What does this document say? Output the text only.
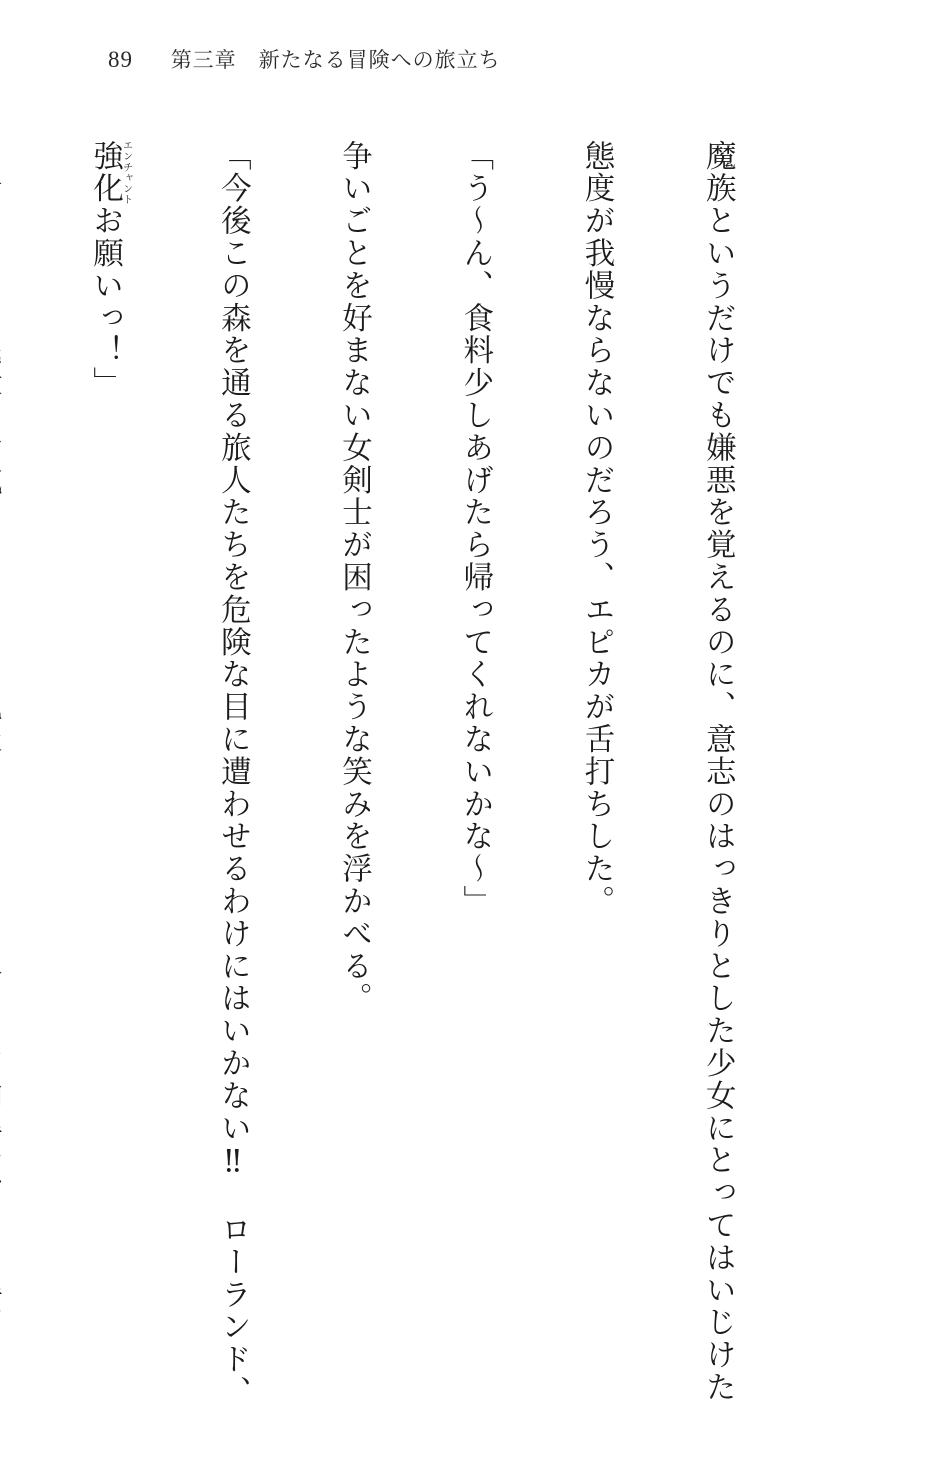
89 第三章　新たなる冒険への旅立ち

魔族というだけでも嫌悪を覚えるのに、意志のはっきりとした少女にとってはいじけた

態度が我慢ならないのだろう、エピカが舌打ちした。

「う〜ん、食料少しあげたら帰ってくれないかな〜」

争いごとを好まない女剣士が困ったような笑みを浮かべる。

「今後この森を通る旅人たちを危険な目に遭わせるわけにはいかない‼　ローランド、

強化エンチャントお願いっ！」
